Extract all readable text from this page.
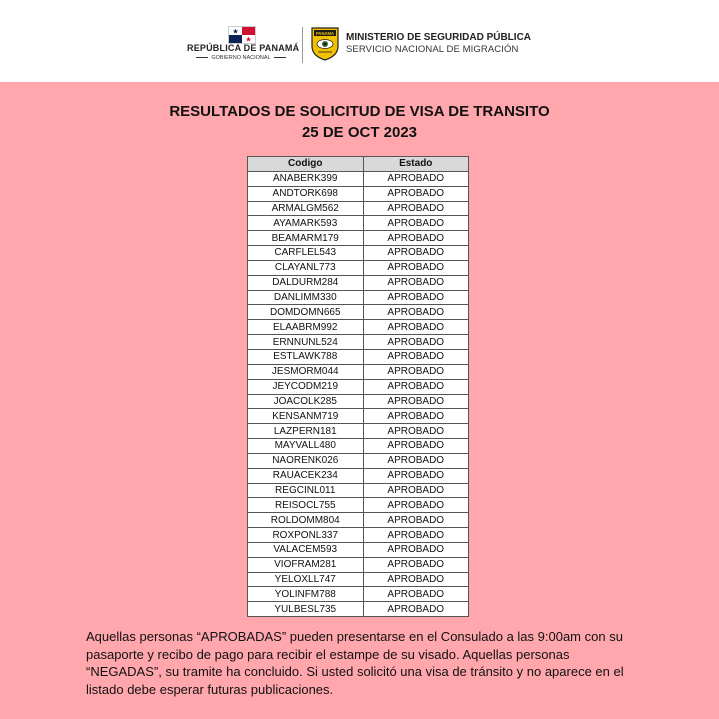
REPÚBLICA DE PANAMÁ
GOBIERNO NACIONAL
PANAMA MINISTERIO DE SEGURIDAD PÚBLICA
SERVICIO NACIONAL DE MIGRACIÓN
RESULTADOS DE SOLICITUD DE VISA DE TRANSITO
25 DE OCT 2023
Codigo	Estado
ANABERK399	APROBADO
ANDTORK698	APROBADO
ARMALGM562	APROBADO
AYAMARK593	APROBADO
BEAMARM179	APROBADO
CARFLEL543	APROBADO
CLAYANL773	APROBADO
DALDURM284	APROBADO
DANLIMM330	APROBADO
DOMDOMN665	APROBADO
ELAABRM992	APROBADO
ERNNUNL524	APROBADO
ESTLAWK788	APROBADO
JESMORM044	APROBADO
JEYCODM219	APROBADO
JOACOLK285	APROBADO
KENSANM719	APROBADO
LAZPERN181	APROBADO
MAYVALL480	APROBADO
NAORENK026	APROBADO
RAUACEK234	APROBADO
REGCINL011	APROBADO
REISOCL755	APROBADO
ROLDOMM804	APROBADO
ROXPONL337	APROBADO
VALACEM593	APROBADO
VIOFRAM281	APROBADO
YELOXLL747	APROBADO
YOLINFM788	APROBADO
YULBESL735	APROBADO
Aquellas personas “APROBADAS” pueden presentarse en el Consulado a las 9:00am con su pasaporte y recibo de pago para recibir el estampe de su visado. Aquellas personas “NEGADAS”, su tramite ha concluido. Si usted solicitó una visa de tránsito y no aparece en el listado debe esperar futuras publicaciones.
